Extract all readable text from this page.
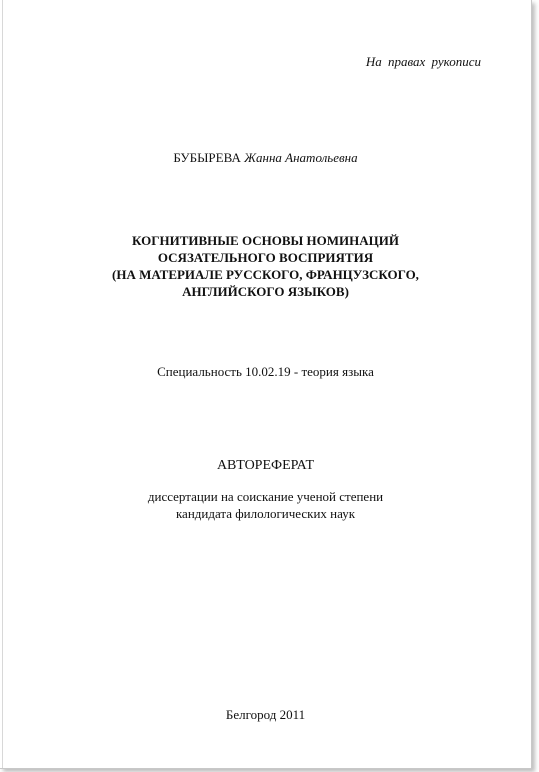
На правах рукописи
БУБЫРЕВА Жанна Анатольевна
КОГНИТИВНЫЕ ОСНОВЫ НОМИНАЦИЙ
ОСЯЗАТЕЛЬНОГО ВОСПРИЯТИЯ
(НА МАТЕРИАЛЕ РУССКОГО, ФРАНЦУЗСКОГО,
АНГЛИЙСКОГО ЯЗЫКОВ)
Специальность 10.02.19 - теория языка
АВТОРЕФЕРАТ
диссертации на соискание ученой степени
кандидата филологических наук
Белгород 2011
